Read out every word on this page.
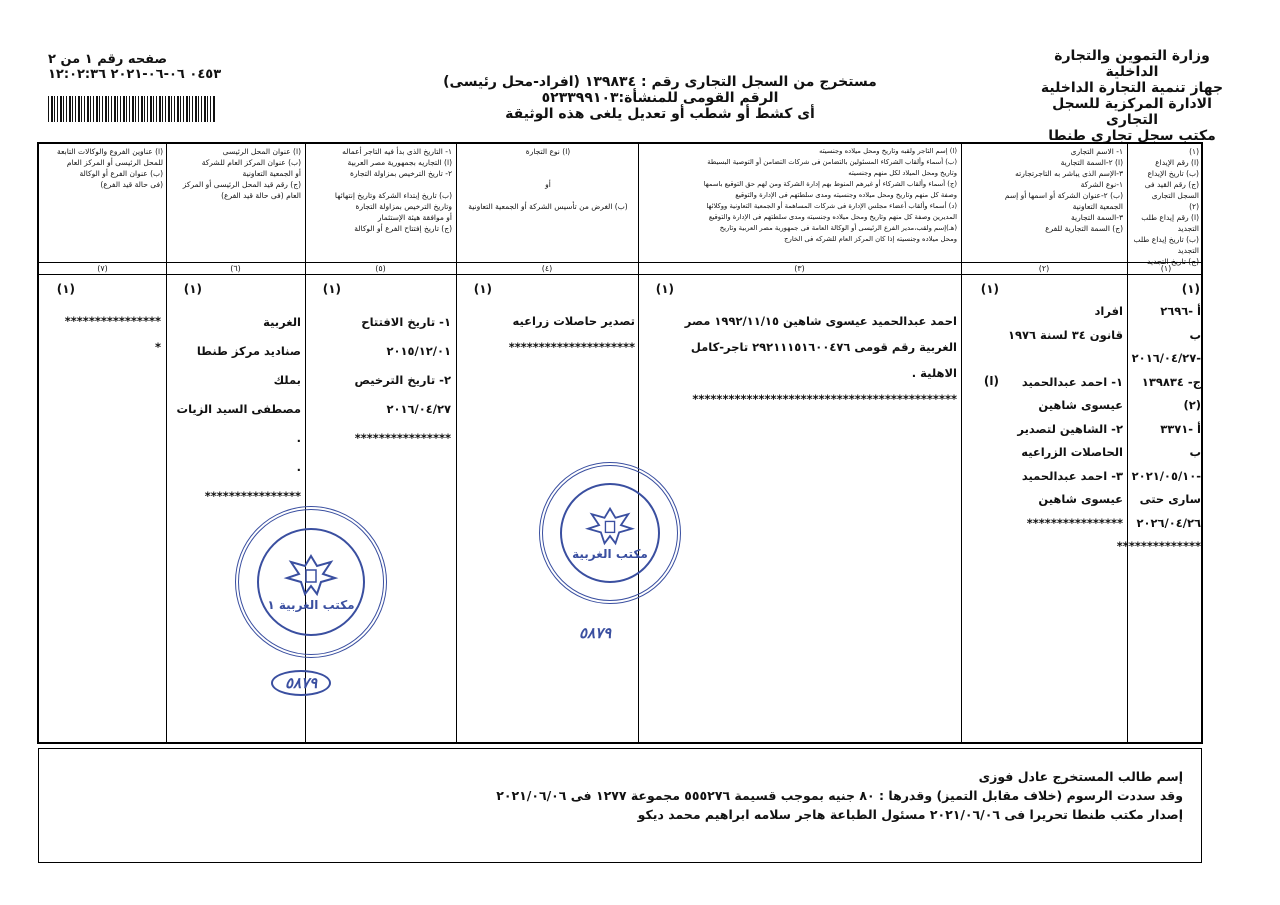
وزارة التموين والتجارة الداخلية
جهاز تنمية التجارة الداخلية
الادارة المركزية للسجل التجارى
مكتب سجل تجارى طنطا
مستخرج من السجل التجارى رقم : ١٣٩٨٣٤ (افراد-محل رئيسى)
الرقم القومى للمنشأة:٥٢٣٣٩٩١٠٣
أى كشط أو شطب أو تعديل يلغى هذه الوثيقة
صفحه رقم ١ من ٢
٠٤٥٣ ٠٦-٠٦-٢٠٢١ ١٢:٠٢:٣٦
(١)
(ا) رقم الإيداع
(ب) تاريخ الإيداع
(ج) رقم القيد فى السجل التجارى
(٢)
(ا) رقم إيداع طلب التجديد
(ب) تاريخ إيداع طلب التجديد
(ج) تاريخ التجديد
١- الاسم التجارى
(ا) ٢-السمة التجارية
٣-الإسم الذى يباشر به التاجرتجارته
١-نوع الشركة
(ب) ٢-عنوان الشركة أو اسمها أو إسم
الجمعية التعاونية
٣-السمة التجارية
(ج) السمة التجارية للفرع
(ا) إسم التاجر ولقبه وتاريخ ومحل ميلاده وجنسيته
(ب) أسماء وألقاب الشركاء المسئولين بالتضامن فى شركات التضامن أو التوصية البسيطة
وتاريخ ومحل الميلاد لكل منهم وجنسيته
(ج) أسماء وألقاب الشركاء أو غيرهم المنوط بهم إدارة الشركة ومن لهم حق التوقيع باسمها
وصفة كل منهم وتاريخ ومحل ميلاده وجنسيته ومدى سلطتهم فى الإدارة والتوقيع
(د) أسماء وألقاب أعضاء مجلس الإدارة فى شركات المساهمة أو الجمعية التعاونية ووكلائها
المديرين وصفة كل منهم وتاريخ ومحل ميلاده وجنسيته ومدى سلطتهم فى الإدارة والتوقيع
(هـ)إسم ولقب،مدير الفرع الرئيسى أو الوكالة العامة فى جمهورية مصر العربية وتاريخ
ومحل ميلاده وجنسيته إذا كان المركز العام للشركه فى الخارج
(ا) نوع التجارة

أو

(ب) الغرض من تأسيس الشركة أو الجمعية التعاونية
١- التاريخ الذى بدأ فيه التاجر أعماله
(ا) التجاريه بجمهورية مصر العربية
٢- تاريخ الترخيص بمزاولة التجارة

(ب) تاريخ إبتداء الشركة وتاريخ إنتهائها
وتاريخ الترخيص بمزاولة التجارة
أو موافقة هيئة الإستثمار
(ج) تاريخ إفتتاح الفرع أو الوكالة
(ا) عنوان المحل الرئيسى
(ب) عنوان المركز العام للشركة
أو الجمعية التعاونية
(ج) رقم قيد المحل الرئيسى أو المركز
العام (فى حالة قيد الفرع)
(ا) عناوين الفروع والوكالات التابعة
للمحل الرئيسى أو المركز العام
(ب) عنوان الفرع أو الوكالة
(فى حالة قيد الفرع)
(١)
(٢)
(٣)
(٤)
(٥)
(٦)
(٧)
(١)
(١)
(ا)
(١)
(١)
(١)
(١)
(١)
أ -٢٦٩٦
ب -٢٠١٦/٠٤/٢٧
ج- ١٣٩٨٣٤
(٢)
أ -٣٣٧١
ب -٢٠٢١/٠٥/١٠
سارى حتى
٢٠٢٦/٠٤/٢٦
**************
افراد
قانون ٣٤ لسنة ١٩٧٦

١- احمد عبدالحميد
عيسوى شاهين
٢- الشاهين لتصدير
الحاصلات الزراعيه
٣- احمد عبدالحميد
عيسوى شاهين
****************
احمد عبدالحميد عيسوى شاهين ١٩٩٢/١١/١٥ مصر
الغربية رقم قومى ٢٩٢١١١٥١٦٠٠٤٧٦ تاجر-كامل
الاهلية .
********************************************
تصدير حاصلات زراعيه
*********************
١- تاريخ الافتتاح
٢٠١٥/١٢/٠١
٢- تاريخ الترخيص
٢٠١٦/٠٤/٢٧
****************
الغربية
صناديد مركز طنطا بملك
مصطفى السيد الزيات .
.
****************
****************
*
مكتب الغربية ١
٥٨٧٩
مكتب الغربية
٥٨٧٩
إسم طالب المستخرج عادل فوزى
وقد سددت الرسوم (خلاف مقابل التميز) وقدرها : ٨٠ جنيه بموجب قسيمة ٥٥٥٢٧٦ مجموعة ١٢٧٧ فى ٢٠٢١/٠٦/٠٦
إصدار مكتب طنطا تحريرا فى ٢٠٢١/٠٦/٠٦ مسئول الطباعة هاجر سلامه ابراهيم محمد ديكو
